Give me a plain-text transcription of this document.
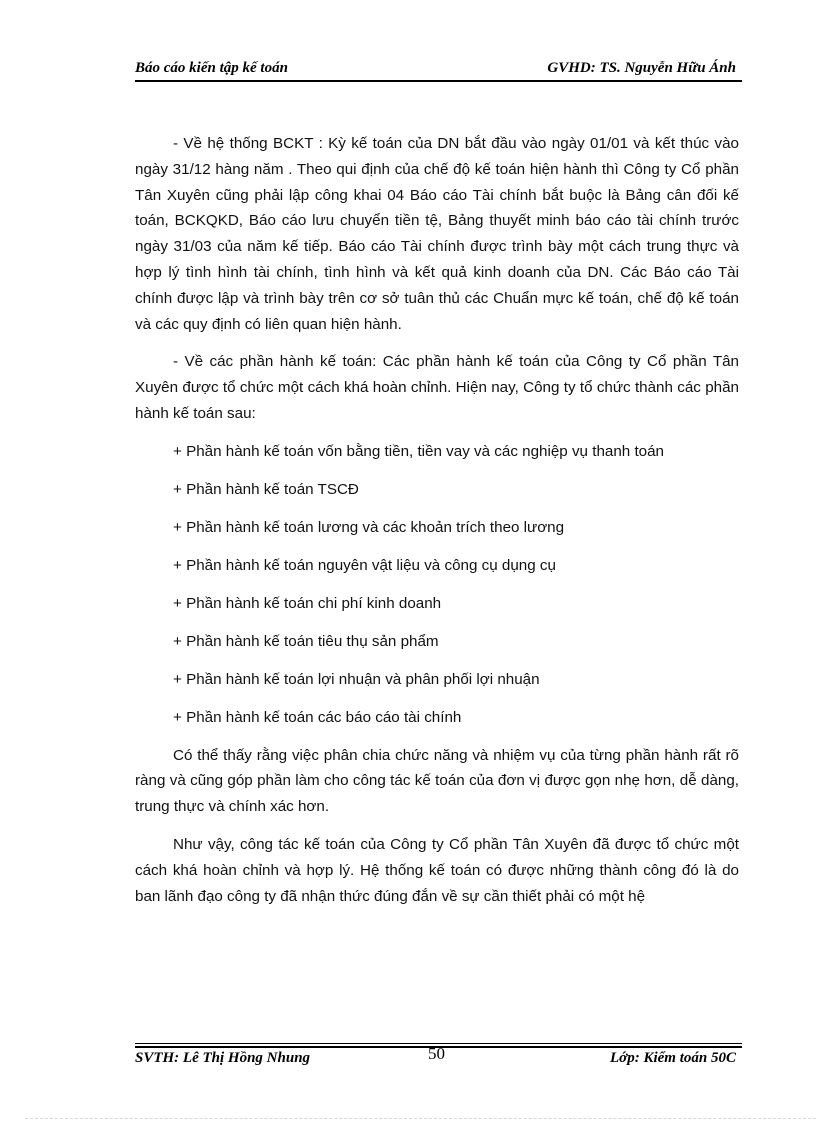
Báo cáo kiến tập kế toán	GVHD: TS. Nguyễn Hữu Ánh

- Về hệ thống BCKT : Kỳ kế toán của DN bắt đầu vào ngày 01/01 và kết thúc vào ngày 31/12 hàng năm . Theo qui định của chế độ kế toán hiện hành thì Công ty Cổ phần Tân Xuyên cũng phải lập công khai 04 Báo cáo Tài chính bắt buộc là Bảng cân đối kế toán, BCKQKD, Báo cáo lưu chuyển tiền tệ, Bảng thuyết minh báo cáo tài chính trước ngày 31/03 của năm kế tiếp. Báo cáo Tài chính được trình bày một cách trung thực và hợp lý tình hình tài chính, tình hình và kết quả kinh doanh của DN. Các Báo cáo Tài chính được lập và trình bày trên cơ sở tuân thủ các Chuẩn mực kế toán, chế độ kế toán và các quy định có liên quan hiện hành.

- Về các phần hành kế toán: Các phần hành kế toán của Công ty Cổ phần Tân Xuyên được tổ chức một cách khá hoàn chỉnh. Hiện nay, Công ty tổ chức thành các phần hành kế toán sau:

+ Phần hành kế toán vốn bằng tiền, tiền vay và các nghiệp vụ thanh toán

+ Phần hành kế toán TSCĐ

+ Phần hành kế toán lương và các khoản trích theo lương

+ Phần hành kế toán nguyên vật liệu và công cụ dụng cụ

+ Phần hành kế toán chi phí kinh doanh

+ Phần hành kế toán tiêu thụ sản phẩm

+ Phần hành kế toán lợi nhuận và phân phối lợi nhuận

+ Phần hành kế toán các báo cáo tài chính

Có thể thấy rằng việc phân chia chức năng và nhiệm vụ của từng phần hành rất rõ ràng và cũng góp phần làm cho công tác kế toán của đơn vị được gọn nhẹ hơn, dễ dàng, trung thực và chính xác hơn.

Như vậy, công tác kế toán của Công ty Cổ phần Tân Xuyên đã được tổ chức một cách khá hoàn chỉnh và hợp lý. Hệ thống kế toán có được những thành công đó là do ban lãnh đạo công ty đã nhận thức đúng đắn về sự cần thiết phải có một hệ

SVTH: Lê Thị Hồng Nhung	50	Lớp: Kiểm toán 50C
